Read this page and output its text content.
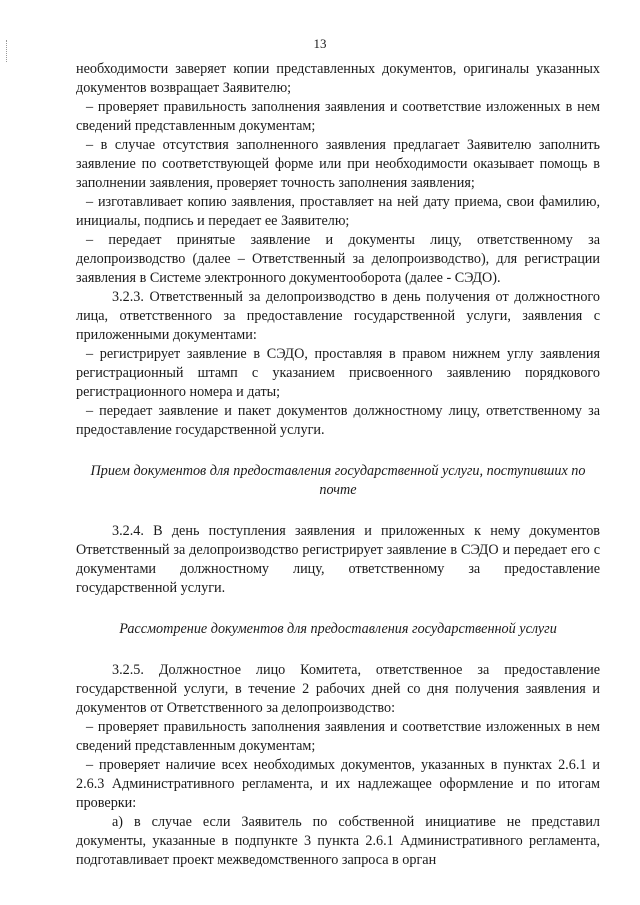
13

необходимости заверяет копии представленных документов, оригиналы указанных документов возвращает Заявителю;

– проверяет правильность заполнения заявления и соответствие изложенных в нем сведений представленным документам;

– в случае отсутствия заполненного заявления предлагает Заявителю заполнить заявление по соответствующей форме или при необходимости оказывает помощь в заполнении заявления, проверяет точность заполнения заявления;

– изготавливает копию заявления, проставляет на ней дату приема, свои фамилию, инициалы, подпись и передает ее Заявителю;

– передает принятые заявление и документы лицу, ответственному за делопроизводство (далее – Ответственный за делопроизводство), для регистрации заявления в Системе электронного документооборота (далее - СЭДО).

3.2.3. Ответственный за делопроизводство в день получения от должностного лица, ответственного за предоставление государственной услуги, заявления с приложенными документами:

– регистрирует заявление в СЭДО, проставляя в правом нижнем углу заявления регистрационный штамп с указанием присвоенного заявлению порядкового регистрационного номера и даты;

– передает заявление и пакет документов должностному лицу, ответственному за предоставление государственной услуги.

Прием документов для предоставления государственной услуги, поступивших по почте

3.2.4. В день поступления заявления и приложенных к нему документов Ответственный за делопроизводство регистрирует заявление в СЭДО и передает его с документами должностному лицу, ответственному за предоставление государственной услуги.

Рассмотрение документов для предоставления государственной услуги

3.2.5. Должностное лицо Комитета, ответственное за предоставление государственной услуги, в течение 2 рабочих дней со дня получения заявления и документов от Ответственного за делопроизводство:

– проверяет правильность заполнения заявления и соответствие изложенных в нем сведений представленным документам;

– проверяет наличие всех необходимых документов, указанных в пунктах 2.6.1 и 2.6.3 Административного регламента, и их надлежащее оформление и по итогам проверки:

а) в случае если Заявитель по собственной инициативе не представил документы, указанные в подпункте 3 пункта 2.6.1 Административного регламента, подготавливает проект межведомственного запроса в орган
